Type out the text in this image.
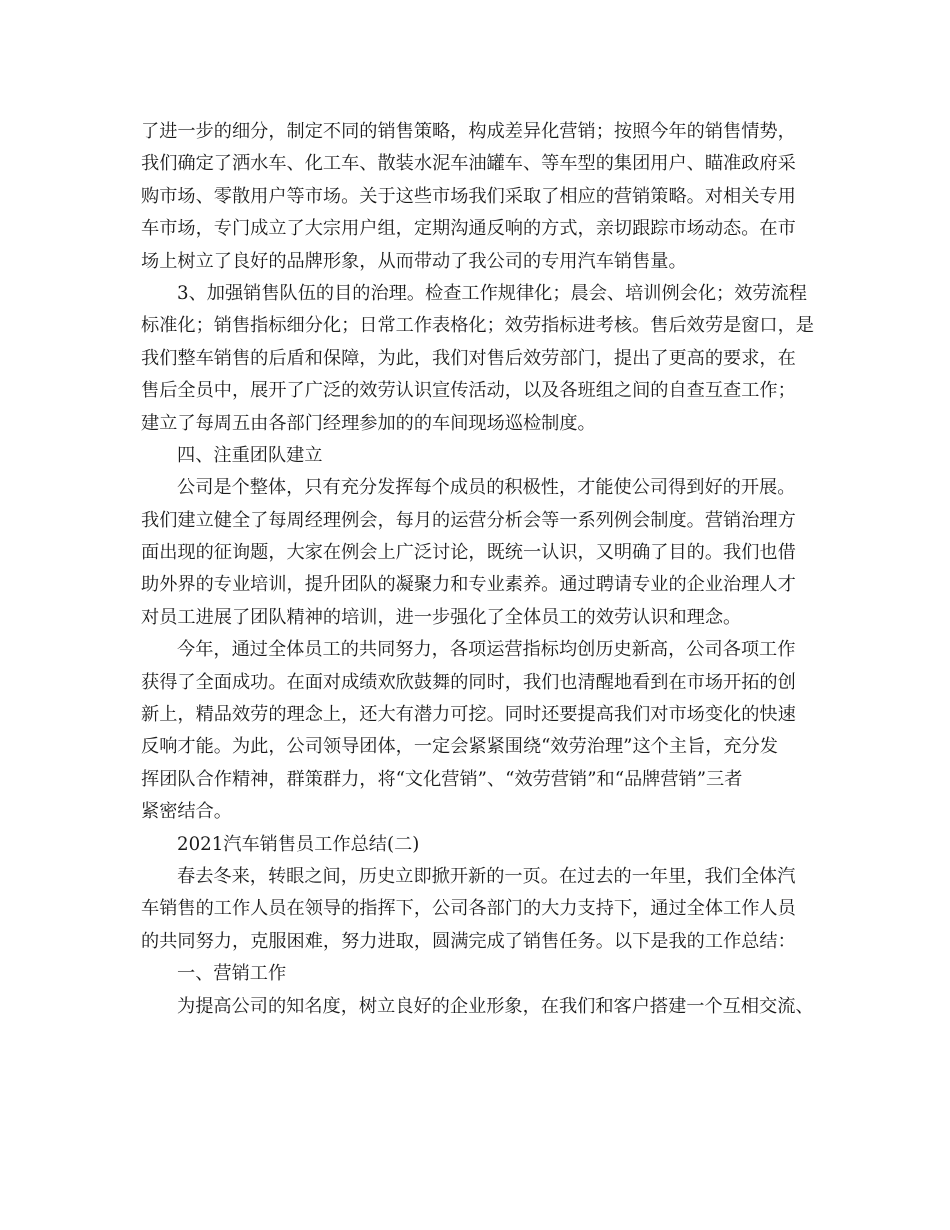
了进一步的细分，制定不同的销售策略，构成差异化营销；按照今年的销售情势，
我们确定了洒水车、化工车、散装水泥车油罐车、等车型的集团用户、瞄准政府采
购市场、零散用户等市场。关于这些市场我们采取了相应的营销策略。对相关专用
车市场，专门成立了大宗用户组，定期沟通反响的方式，亲切跟踪市场动态。在市
场上树立了良好的品牌形象，从而带动了我公司的专用汽车销售量。
3、加强销售队伍的目的治理。检查工作规律化；晨会、培训例会化；效劳流程
标准化；销售指标细分化；日常工作表格化；效劳指标进考核。售后效劳是窗口，是
我们整车销售的后盾和保障，为此，我们对售后效劳部门，提出了更高的要求，在
售后全员中，展开了广泛的效劳认识宣传活动，以及各班组之间的自查互查工作；
建立了每周五由各部门经理参加的的车间现场巡检制度。
四、注重团队建立
公司是个整体，只有充分发挥每个成员的积极性，才能使公司得到好的开展。
我们建立健全了每周经理例会，每月的运营分析会等一系列例会制度。营销治理方
面出现的征询题，大家在例会上广泛讨论，既统一认识，又明确了目的。我们也借
助外界的专业培训，提升团队的凝聚力和专业素养。通过聘请专业的企业治理人才
对员工进展了团队精神的培训，进一步强化了全体员工的效劳认识和理念。
今年，通过全体员工的共同努力，各项运营指标均创历史新高，公司各项工作
获得了全面成功。在面对成绩欢欣鼓舞的同时，我们也清醒地看到在市场开拓的创
新上，精品效劳的理念上，还大有潜力可挖。同时还要提高我们对市场变化的快速
反响才能。为此，公司领导团体，一定会紧紧围绕“效劳治理”这个主旨，充分发
挥团队合作精神，群策群力，将“文化营销”、“效劳营销”和“品牌营销”三者
紧密结合。
2021汽车销售员工作总结(二)
春去冬来，转眼之间，历史立即掀开新的一页。在过去的一年里，我们全体汽
车销售的工作人员在领导的指挥下，公司各部门的大力支持下，通过全体工作人员
的共同努力，克服困难，努力进取，圆满完成了销售任务。以下是我的工作总结：
一、营销工作
为提高公司的知名度，树立良好的企业形象，在我们和客户搭建一个互相交流、
